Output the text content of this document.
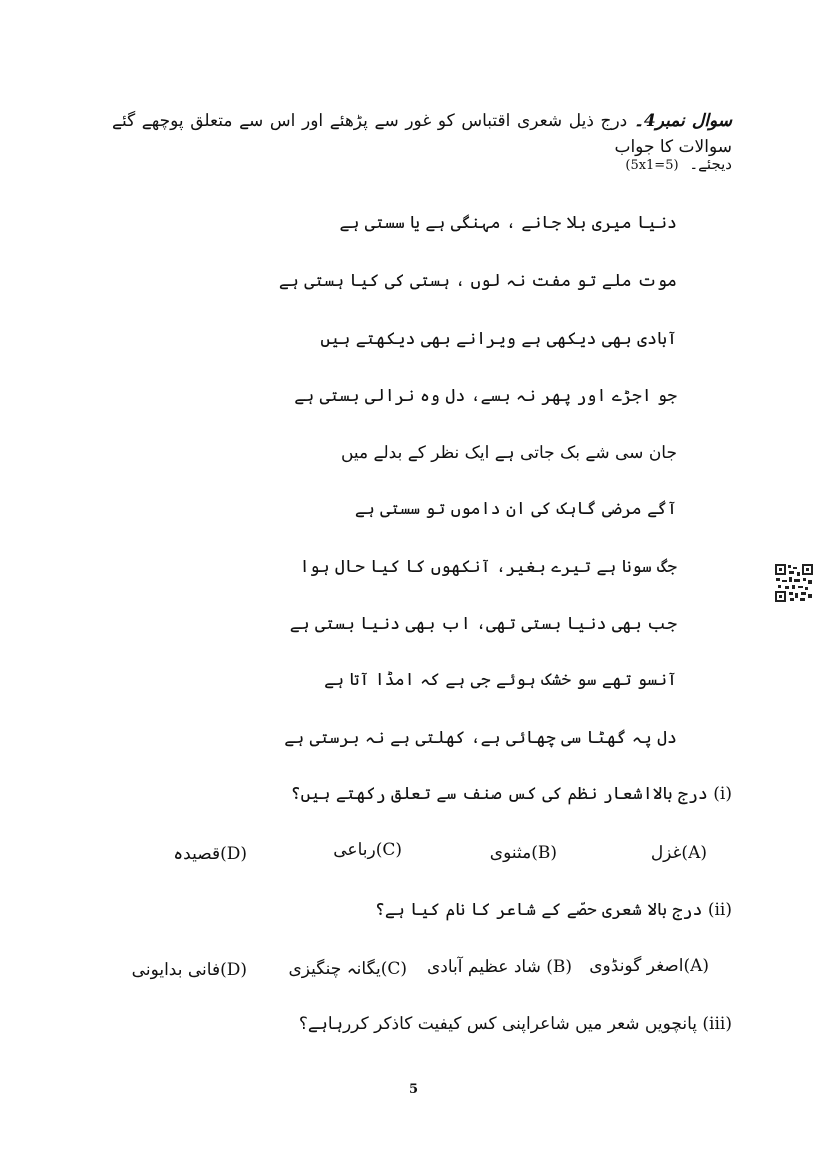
سوال نمبر4۔ درج ذیل شعری اقتباس کو غور سے پڑھئے اور اس سے متعلق پوچھے گئے سوالات کا جواب
دیجئے۔ (5x1=5)
دنیا میری بلا جانے ، مہنگی ہے یا سستی ہے
موت ملے تو مفت نہ لوں ، ہستی کی کیا ہستی ہے
آبادی بھی دیکھی ہے ویرانے بھی دیکھتے ہیں
جو اجڑے اور پھر نہ بسے، دل وہ نرالی بستی ہے
جان سی شے بک جاتی ہے ایک نظر کے بدلے میں
آگے مرضی گاہک کی ان داموں تو سستی ہے
جگ سونا ہے تیرے بغیر، آنکھوں کا کیا حال ہوا
جب بھی دنیا بستی تھی، اب بھی دنیا بستی ہے
آنسو تھے سو خشک ہوئے جی ہے کہ امڈا آتا ہے
دل پہ گھٹا سی چھائی ہے، کھلتی ہے نہ برستی ہے
(i) درج بالااشعار نظم کی کس صنف سے تعلق رکھتے ہیں؟
(A)غزل
(B)مثنوی
(C)رباعی
(D)قصیدہ
(ii) درج بالا شعری حصّے کے شاعر کا نام کیا ہے؟
(A)اصغر گونڈوی
(B) شاد عظیم آبادی
(C)یگانہ چنگیزی
(D)فانی بدایونی
(iii) پانچویں شعر میں شاعراپنی کس کیفیت کاذکر کررہاہے؟
5
